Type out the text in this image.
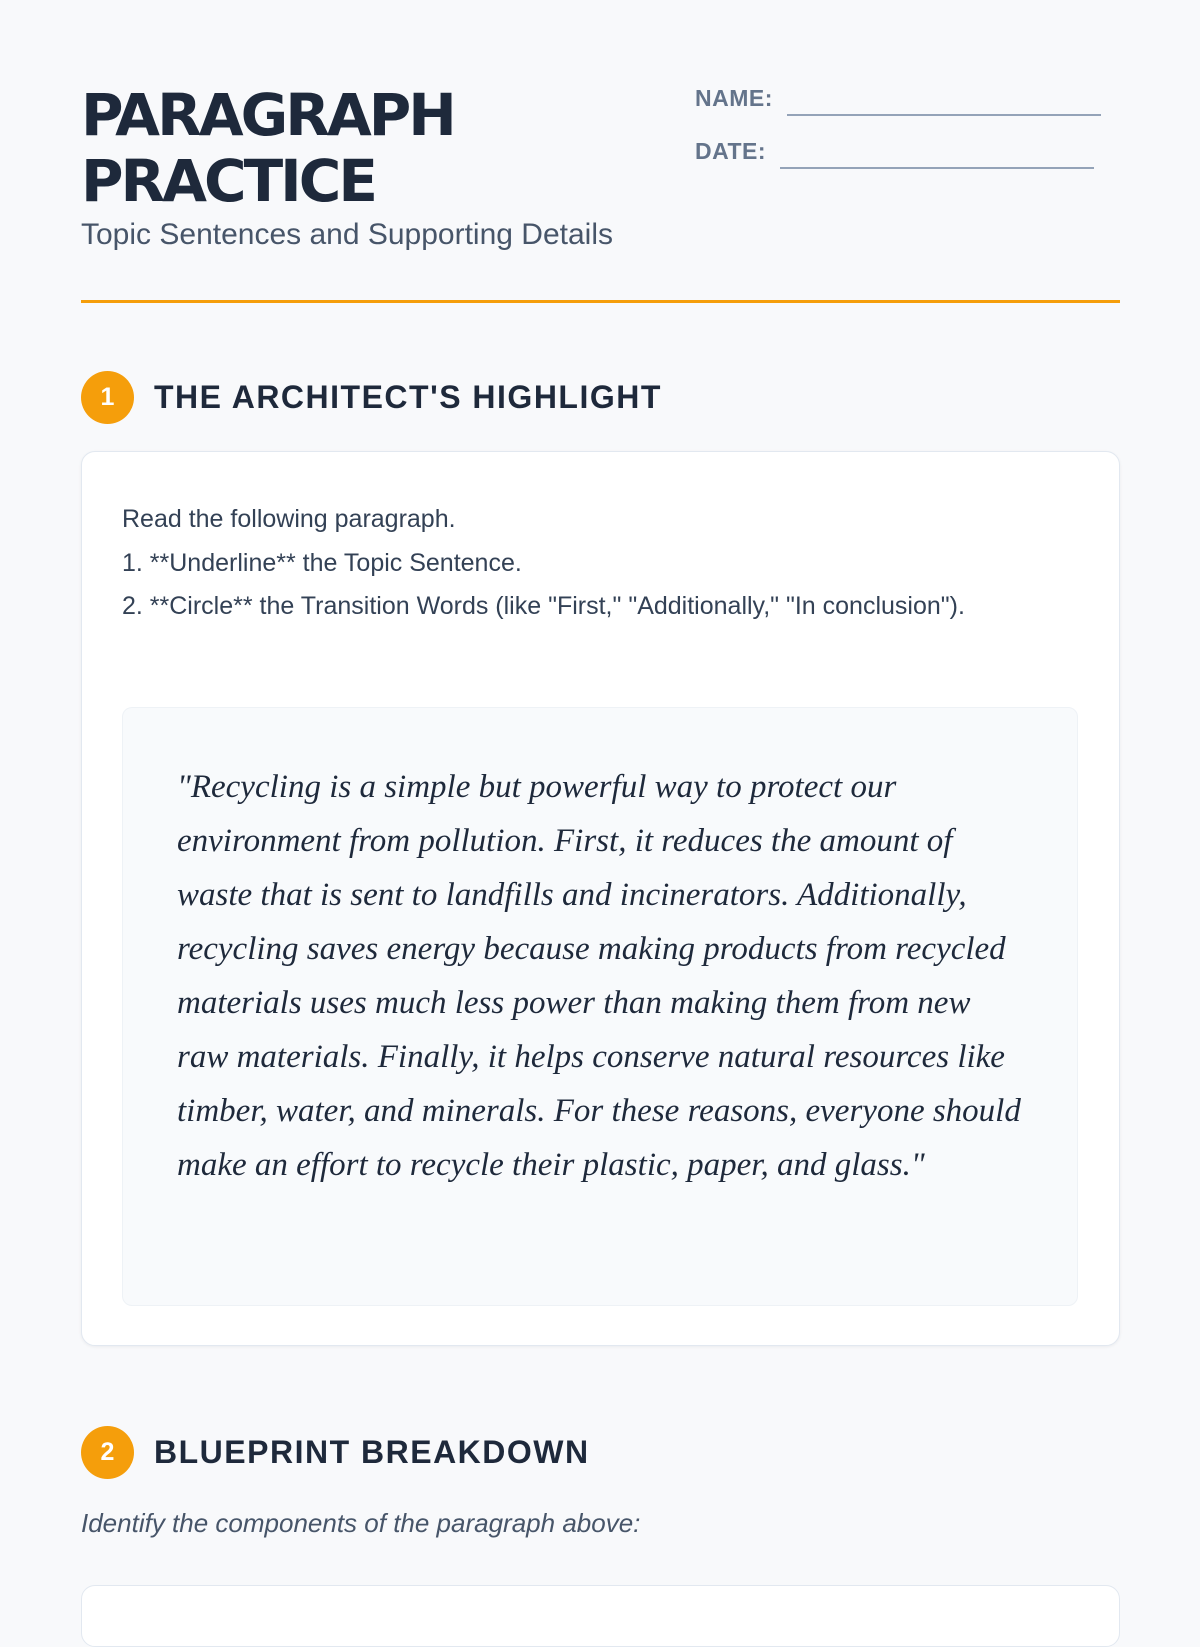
PARAGRAPH
PRACTICE
Topic Sentences and Supporting Details
NAME:
DATE:
1	THE ARCHITECT'S HIGHLIGHT
Read the following paragraph.
1. **Underline** the Topic Sentence.
2. **Circle** the Transition Words (like "First," "Additionally," "In conclusion").

"Recycling is a simple but powerful way to protect our environment from pollution. First, it reduces the amount of waste that is sent to landfills and incinerators. Additionally, recycling saves energy because making products from recycled materials uses much less power than making them from new raw materials. Finally, it helps conserve natural resources like timber, water, and minerals. For these reasons, everyone should make an effort to recycle their plastic, paper, and glass."

2	BLUEPRINT BREAKDOWN
Identify the components of the paragraph above:
